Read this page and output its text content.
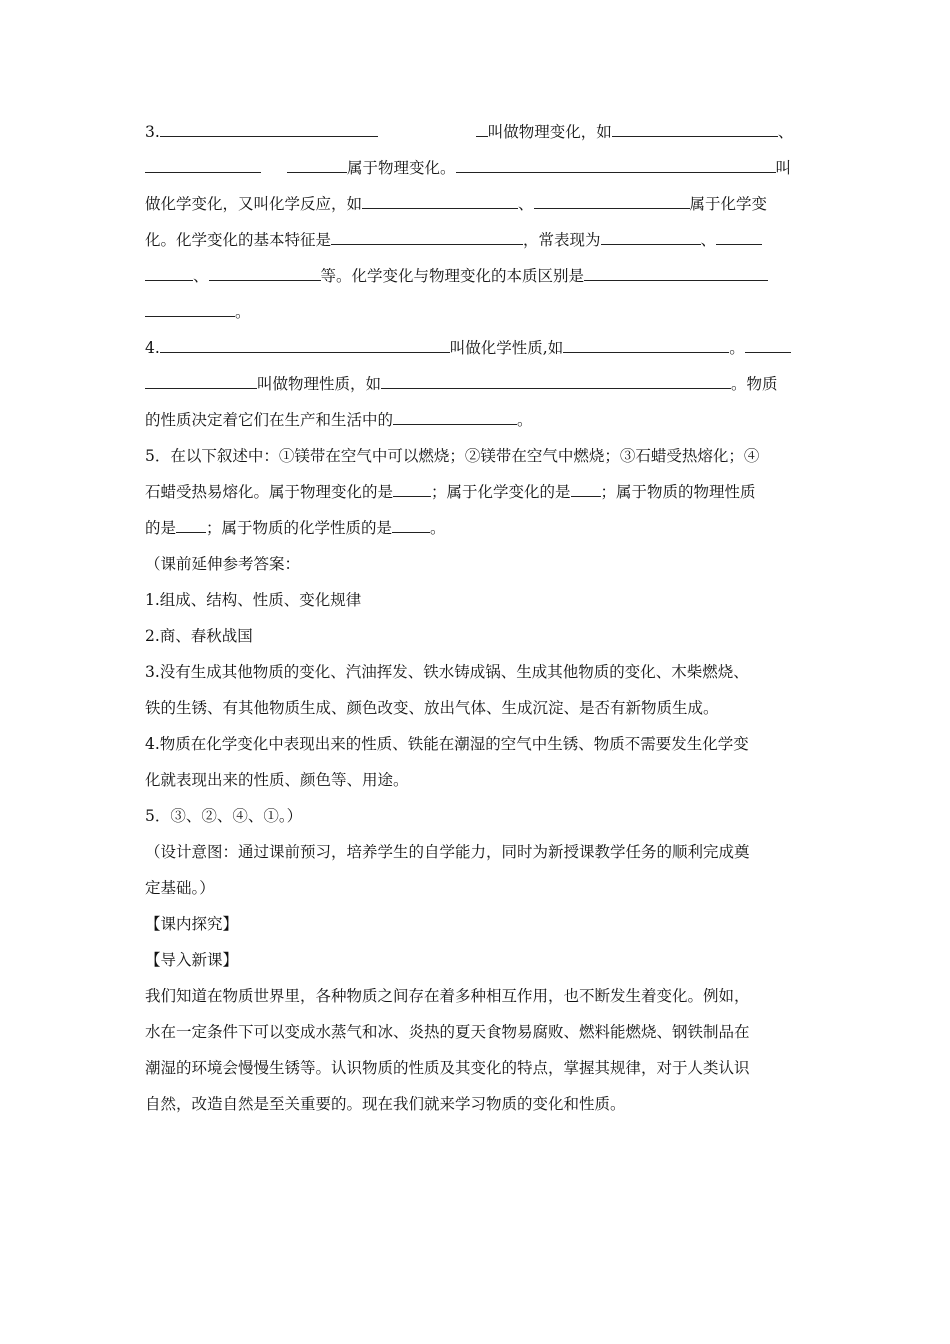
3.	叫做物理变化，如	、
属于物理变化。	叫
做化学变化，又叫化学反应，如	、	属于化学变
化。化学变化的基本特征是	，常表现为	、
、	等。化学变化与物理变化的本质区别是
。
4.	叫做化学性质,如	。
叫做物理性质，如	。物质
的性质决定着它们在生产和生活中的	。
5．在以下叙述中：①镁带在空气中可以燃烧；②镁带在空气中燃烧；③石蜡受热熔化；④
石蜡受热易熔化。属于物理变化的是 ；属于化学变化的是 ；属于物质的物理性质
的是 ；属于物质的化学性质的是 。
（课前延伸参考答案：
1.组成、结构、性质、变化规律
2.商、春秋战国
3.没有生成其他物质的变化、汽油挥发、铁水铸成锅、生成其他物质的变化、木柴燃烧、
铁的生锈、有其他物质生成、颜色改变、放出气体、生成沉淀、是否有新物质生成。
4.物质在化学变化中表现出来的性质、铁能在潮湿的空气中生锈、物质不需要发生化学变
化就表现出来的性质、颜色等、用途。
5．③、②、④、①。）
（设计意图：通过课前预习，培养学生的自学能力，同时为新授课教学任务的顺利完成奠
定基础。）
【课内探究】
【导入新课】
我们知道在物质世界里，各种物质之间存在着多种相互作用，也不断发生着变化。例如，
水在一定条件下可以变成水蒸气和冰、炎热的夏天食物易腐败、燃料能燃烧、钢铁制品在
潮湿的环境会慢慢生锈等。认识物质的性质及其变化的特点，掌握其规律，对于人类认识
自然，改造自然是至关重要的。现在我们就来学习物质的变化和性质。
